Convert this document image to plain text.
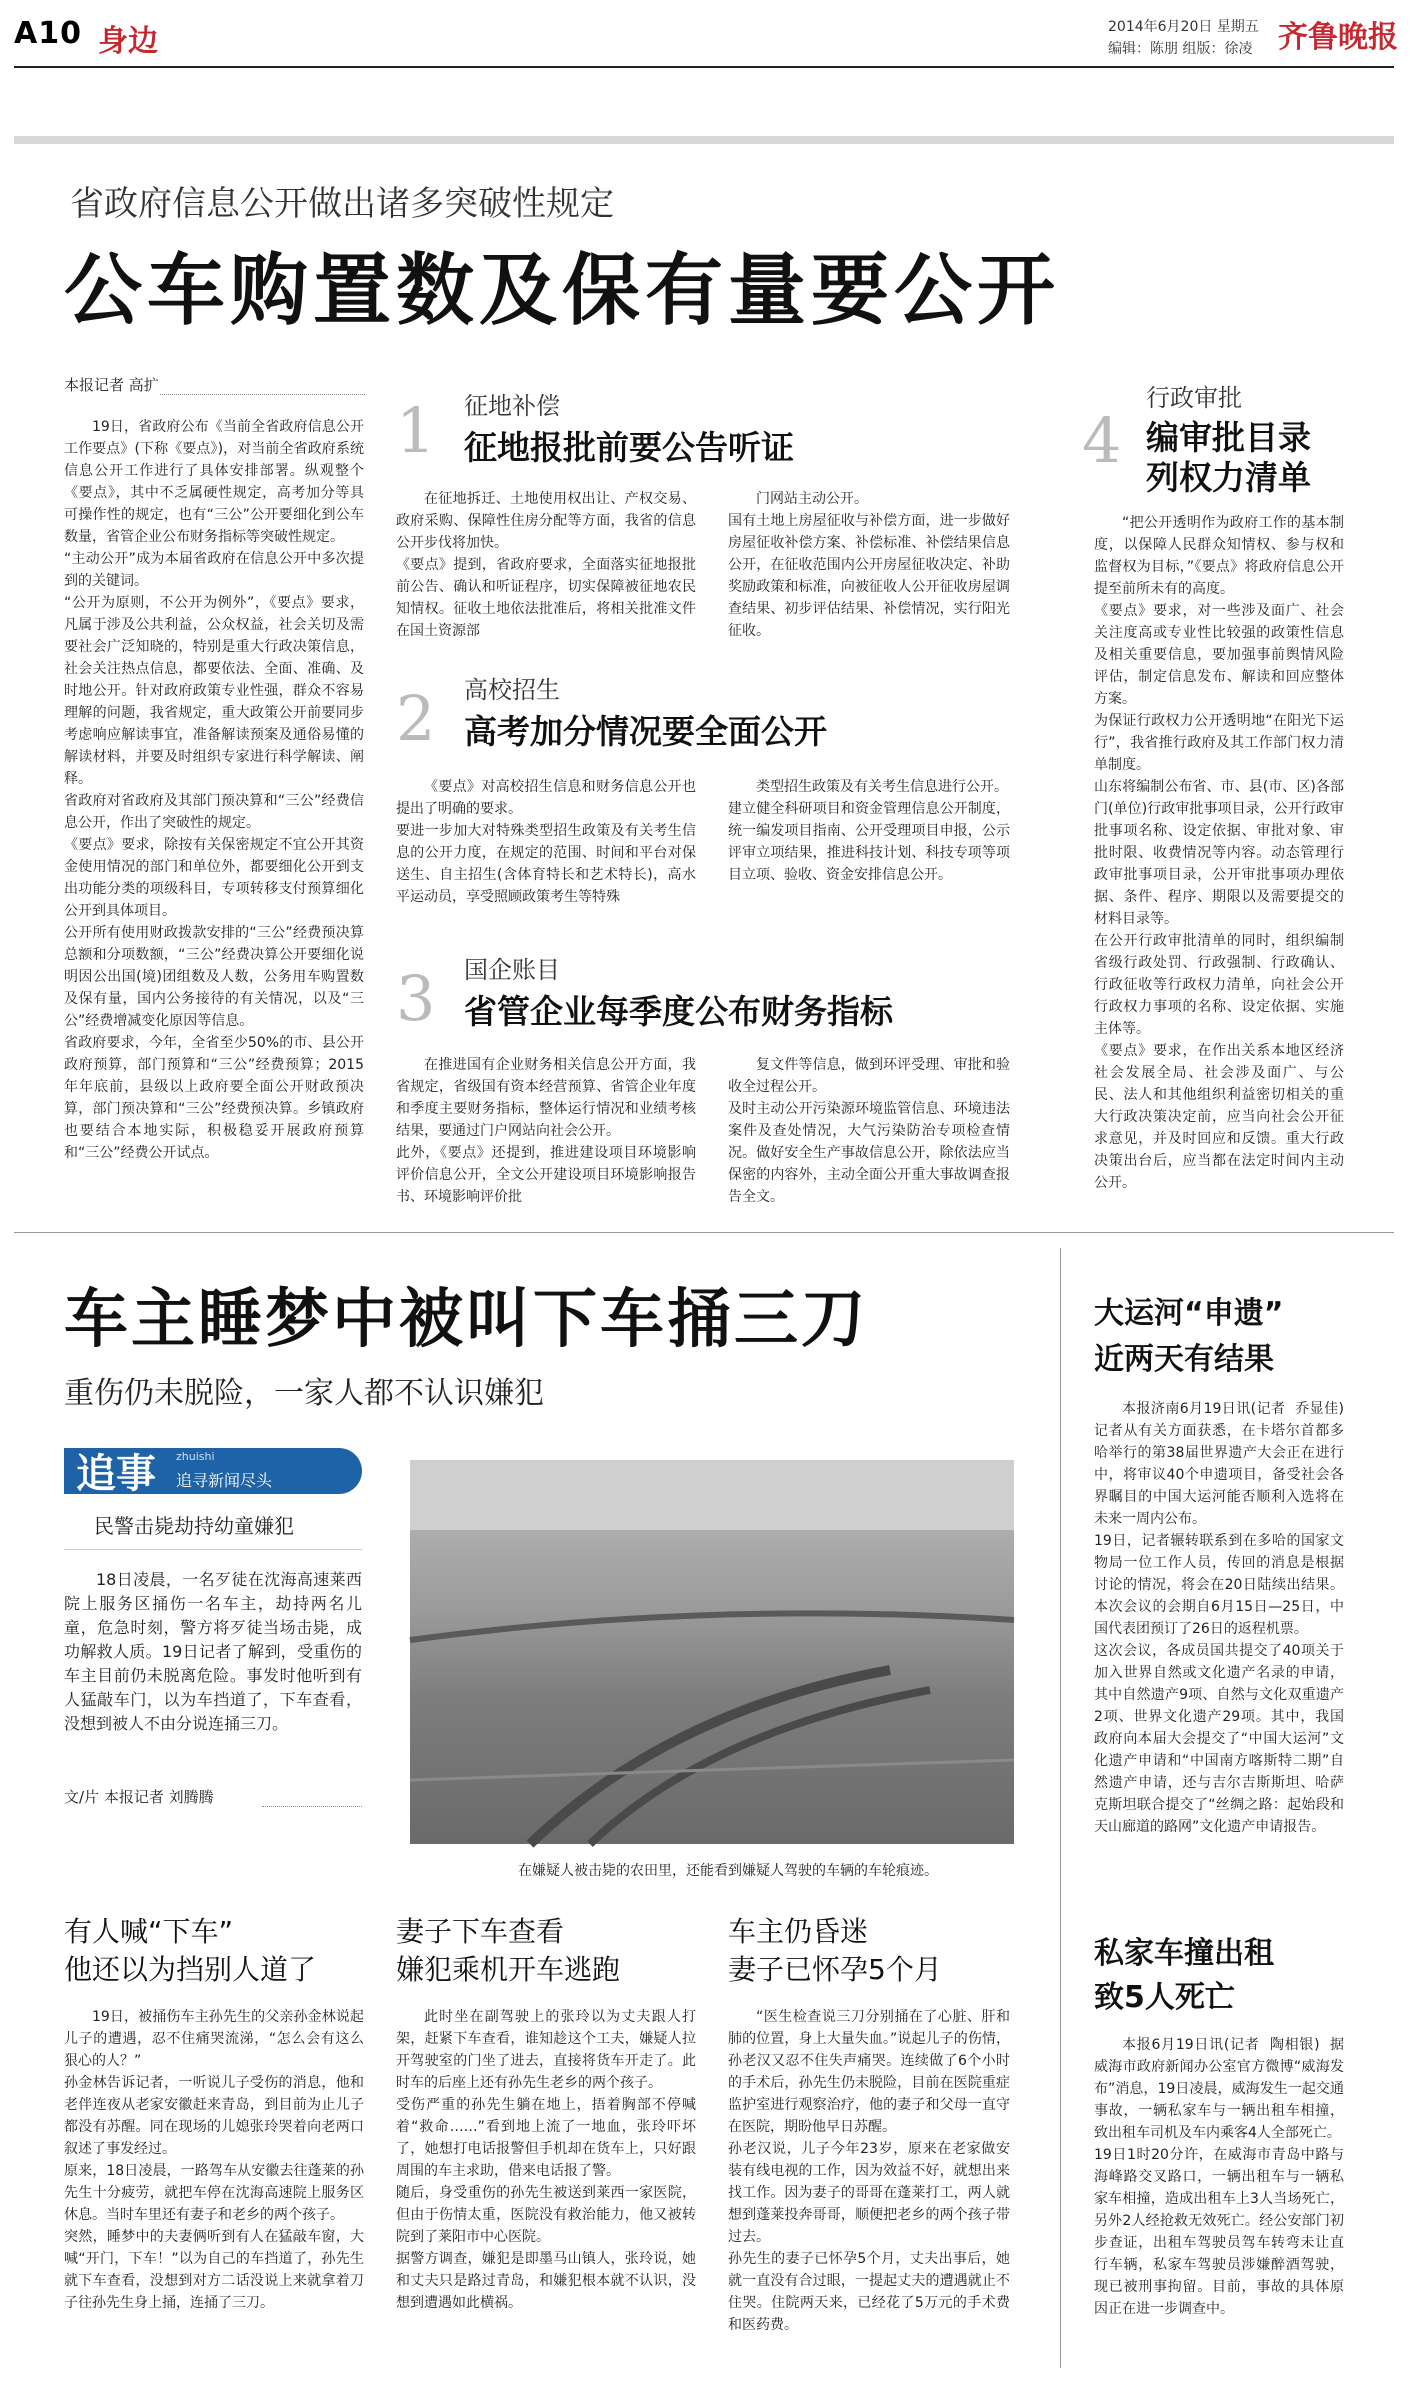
A10 身边	2014年6月20日 星期五
编辑：陈朋 组版：徐凌 齐鲁晚报
省政府信息公开做出诸多突破性规定
公车购置数及保有量要公开
本报记者 高扩
19日，省政府公布《当前全省政府信息公开工作要点》(下称《要点》)，对当前全省政府系统信息公开工作进行了具体安排部署。纵观整个《要点》，其中不乏属硬性规定，高考加分等具可操作性的规定，也有“三公”公开要细化到公车数量，省管企业公布财务指标等突破性规定。
“主动公开”成为本届省政府在信息公开中多次提到的关键词。
“公开为原则，不公开为例外”，《要点》要求，凡属于涉及公共利益，公众权益，社会关切及需要社会广泛知晓的，特别是重大行政决策信息，社会关注热点信息，都要依法、全面、准确、及时地公开。针对政府政策专业性强，群众不容易理解的问题，我省规定，重大政策公开前要同步考虑响应解读事宜，准备解读预案及通俗易懂的解读材料，并要及时组织专家进行科学解读、阐释。
省政府对省政府及其部门预决算和“三公”经费信息公开，作出了突破性的规定。
《要点》要求，除按有关保密规定不宜公开其资金使用情况的部门和单位外，都要细化公开到支出功能分类的项级科目，专项转移支付预算细化公开到具体项目。
公开所有使用财政拨款安排的“三公”经费预决算总额和分项数额，“三公”经费决算公开要细化说明因公出国(境)团组数及人数，公务用车购置数及保有量，国内公务接待的有关情况，以及“三公”经费增减变化原因等信息。
省政府要求，今年，全省至少50%的市、县公开政府预算，部门预算和“三公”经费预算；2015年年底前，县级以上政府要全面公开财政预决算，部门预决算和“三公”经费预决算。乡镇政府也要结合本地实际，积极稳妥开展政府预算和“三公”经费公开试点。
1 征地补偿
征地报批前要公告听证
在征地拆迁、土地使用权出让、产权交易、政府采购、保障性住房分配等方面，我省的信息公开步伐将加快。
《要点》提到，省政府要求，全面落实征地报批前公告、确认和听证程序，切实保障被征地农民知情权。征收土地依法批准后，将相关批准文件在国土资源部
门网站主动公开。
国有土地上房屋征收与补偿方面，进一步做好房屋征收补偿方案、补偿标准、补偿结果信息公开，在征收范围内公开房屋征收决定、补助奖励政策和标准，向被征收人公开征收房屋调查结果、初步评估结果、补偿情况，实行阳光征收。
2 高校招生
高考加分情况要全面公开
《要点》对高校招生信息和财务信息公开也提出了明确的要求。
要进一步加大对特殊类型招生政策及有关考生信息的公开力度，在规定的范围、时间和平台对保送生、自主招生(含体育特长和艺术特长)，高水平运动员，享受照顾政策考生等特殊
类型招生政策及有关考生信息进行公开。
建立健全科研项目和资金管理信息公开制度，统一编发项目指南、公开受理项目申报，公示评审立项结果，推进科技计划、科技专项等项目立项、验收、资金安排信息公开。
3 国企账目
省管企业每季度公布财务指标
在推进国有企业财务相关信息公开方面，我省规定，省级国有资本经营预算、省管企业年度和季度主要财务指标，整体运行情况和业绩考核结果，要通过门户网站向社会公开。
此外，《要点》还提到，推进建设项目环境影响评价信息公开，全文公开建设项目环境影响报告书、环境影响评价批
复文件等信息，做到环评受理、审批和验收全过程公开。
及时主动公开污染源环境监管信息、环境违法案件及查处情况，大气污染防治专项检查情况。做好安全生产事故信息公开，除依法应当保密的内容外，主动全面公开重大事故调查报告全文。
4
行政审批
编审批目录
列权力清单
“把公开透明作为政府工作的基本制度，以保障人民群众知情权、参与权和监督权为目标，”《要点》将政府信息公开提至前所未有的高度。
《要点》要求，对一些涉及面广、社会关注度高或专业性比较强的政策性信息及相关重要信息，要加强事前舆情风险评估，制定信息发布、解读和回应整体方案。
为保证行政权力公开透明地“在阳光下运行”，我省推行政府及其工作部门权力清单制度。
山东将编制公布省、市、县(市、区)各部门(单位)行政审批事项目录，公开行政审批事项名称、设定依据、审批对象、审批时限、收费情况等内容。动态管理行政审批事项目录，公开审批事项办理依据、条件、程序、期限以及需要提交的材料目录等。
在公开行政审批清单的同时，组织编制省级行政处罚、行政强制、行政确认、行政征收等行政权力清单，向社会公开行政权力事项的名称、设定依据、实施主体等。
《要点》要求，在作出关系本地区经济社会发展全局、社会涉及面广、与公民、法人和其他组织利益密切相关的重大行政决策决定前，应当向社会公开征求意见，并及时回应和反馈。重大行政决策出台后，应当都在法定时间内主动公开。
车主睡梦中被叫下车捅三刀
重伤仍未脱险，一家人都不认识嫌犯
追事 zhuishi
追寻新闻尽头
民警击毙劫持幼童嫌犯
18日凌晨，一名歹徒在沈海高速莱西院上服务区捅伤一名车主，劫持两名儿童，危急时刻，警方将歹徒当场击毙，成功解救人质。19日记者了解到，受重伤的车主目前仍未脱离危险。事发时他听到有人猛敲车门，以为车挡道了，下车查看，没想到被人不由分说连捅三刀。
文/片 本报记者 刘腾腾
在嫌疑人被击毙的农田里，还能看到嫌疑人驾驶的车辆的车轮痕迹。
有人喊“下车”
他还以为挡别人道了
19日，被捅伤车主孙先生的父亲孙金林说起儿子的遭遇，忍不住痛哭流涕，“怎么会有这么狠心的人？”
孙金林告诉记者，一听说儿子受伤的消息，他和老伴连夜从老家安徽赶来青岛，到目前为止儿子都没有苏醒。同在现场的儿媳张玲哭着向老两口叙述了事发经过。
原来，18日凌晨，一路驾车从安徽去往蓬莱的孙先生十分疲劳，就把车停在沈海高速院上服务区休息。当时车里还有妻子和老乡的两个孩子。
突然，睡梦中的夫妻俩听到有人在猛敲车窗，大喊“开门，下车！”以为自己的车挡道了，孙先生就下车查看，没想到对方二话没说上来就拿着刀子往孙先生身上捅，连捅了三刀。
妻子下车查看
嫌犯乘机开车逃跑
此时坐在副驾驶上的张玲以为丈夫跟人打架，赶紧下车查看，谁知趁这个工夫，嫌疑人拉开驾驶室的门坐了进去，直接将货车开走了。此时车的后座上还有孙先生老乡的两个孩子。
受伤严重的孙先生躺在地上，捂着胸部不停喊着“救命……”看到地上流了一地血，张玲吓坏了，她想打电话报警但手机却在货车上，只好跟周围的车主求助，借来电话报了警。
随后，身受重伤的孙先生被送到莱西一家医院，但由于伤情太重，医院没有救治能力，他又被转院到了莱阳市中心医院。
据警方调查，嫌犯是即墨马山镇人，张玲说，她和丈夫只是路过青岛，和嫌犯根本就不认识，没想到遭遇如此横祸。
车主仍昏迷
妻子已怀孕5个月
“医生检查说三刀分别捅在了心脏、肝和肺的位置，身上大量失血。”说起儿子的伤情，孙老汉又忍不住失声痛哭。连续做了6个小时的手术后，孙先生仍未脱险，目前在医院重症监护室进行观察治疗，他的妻子和父母一直守在医院，期盼他早日苏醒。
孙老汉说，儿子今年23岁，原来在老家做安装有线电视的工作，因为效益不好，就想出来找工作。因为妻子的哥哥在蓬莱打工，两人就想到蓬莱投奔哥哥，顺便把老乡的两个孩子带过去。
孙先生的妻子已怀孕5个月，丈夫出事后，她就一直没有合过眼，一提起丈夫的遭遇就止不住哭。住院两天来，已经花了5万元的手术费和医药费。
大运河“申遗”
近两天有结果
本报济南6月19日讯(记者  乔显佳)  记者从有关方面获悉，在卡塔尔首都多哈举行的第38届世界遗产大会正在进行中，将审议40个申遗项目，备受社会各界瞩目的中国大运河能否顺利入选将在未来一周内公布。
19日，记者辗转联系到在多哈的国家文物局一位工作人员，传回的消息是根据讨论的情况，将会在20日陆续出结果。本次会议的会期自6月15日—25日，中国代表团预订了26日的返程机票。
这次会议，各成员国共提交了40项关于加入世界自然或文化遗产名录的申请，其中自然遗产9项、自然与文化双重遗产2项、世界文化遗产29项。其中，我国政府向本届大会提交了“中国大运河”文化遗产申请和“中国南方喀斯特二期”自然遗产申请，还与吉尔吉斯斯坦、哈萨克斯坦联合提交了“丝绸之路：起始段和天山廊道的路网”文化遗产申请报告。
私家车撞出租
致5人死亡
本报6月19日讯(记者  陶相银)  据威海市政府新闻办公室官方微博“威海发布”消息，19日凌晨，威海发生一起交通事故，一辆私家车与一辆出租车相撞，致出租车司机及车内乘客4人全部死亡。
19日1时20分许，在威海市青岛中路与海峰路交叉路口，一辆出租车与一辆私家车相撞，造成出租车上3人当场死亡，另外2人经抢救无效死亡。经公安部门初步查证，出租车驾驶员驾车转弯未让直行车辆，私家车驾驶员涉嫌醉酒驾驶，现已被刑事拘留。目前，事故的具体原因正在进一步调查中。
